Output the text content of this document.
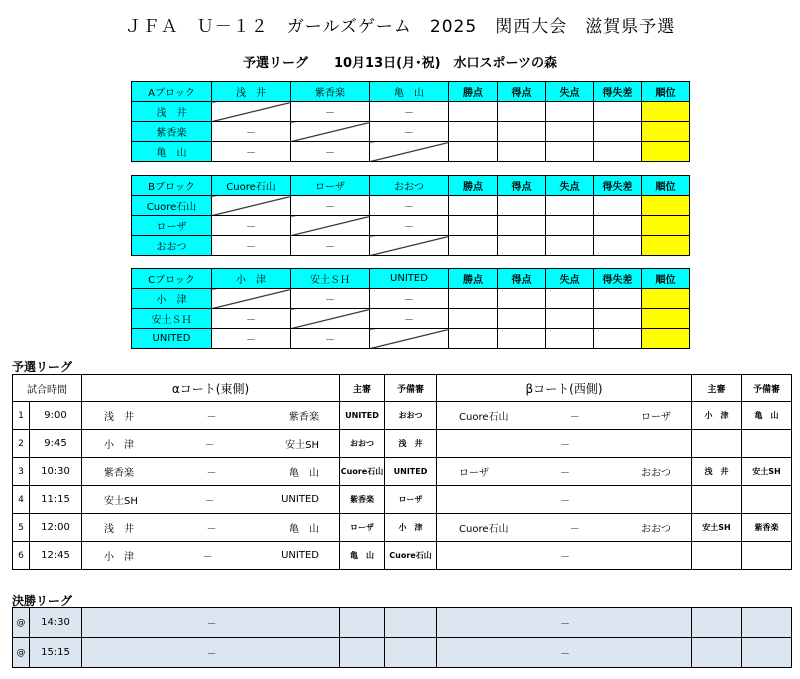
ＪＦＡ　Ｕ－１２　ガールズゲーム　2025　関西大会　滋賀県予選
予選リーグ　　10月13日(月･祝)　水口スポーツの森
Aブロック	浅　井	紫香楽	亀　山	勝点	得点	失点	得失差	順位
浅　井		－	－					
紫香楽	－		－					
亀　山	－	－						
Bブロック	Cuore石山	ローザ	おおつ	勝点	得点	失点	得失差	順位
Cuore石山		－	－					
ローザ	－		－					
おおつ	－	－						
Cブロック	小　津	安土ＳＨ	UNITED	勝点	得点	失点	得失差	順位
小　津		－	－					
安土ＳＨ	－		－					
UNITED	－	－						
予選リーグ
試合時間		αコート(東側)	主審	予備審	βコート(西側)	主審	予備審
1	9:00	浅　井 － 紫香楽	UNITED	おおつ	Cuore石山 － ローザ	小　津	亀　山
2	9:45	小　津 － 安土SH	おおつ	浅　井	－		

3	10:30	紫香楽 － 亀　山	Cuore石山	UNITED	ローザ － おおつ	浅　井	安土SH
4	11:15	安土SH － UNITED	紫香楽	ローザ	－		

5	12:00	浅　井 － 亀　山	ローザ	小　津	Cuore石山 － おおつ	安土SH	紫香楽
6	12:45	小　津 － UNITED	亀　山	Cuore石山	－		

決勝リーグ
@	14:30	－			－		

@	15:15	－			－		
